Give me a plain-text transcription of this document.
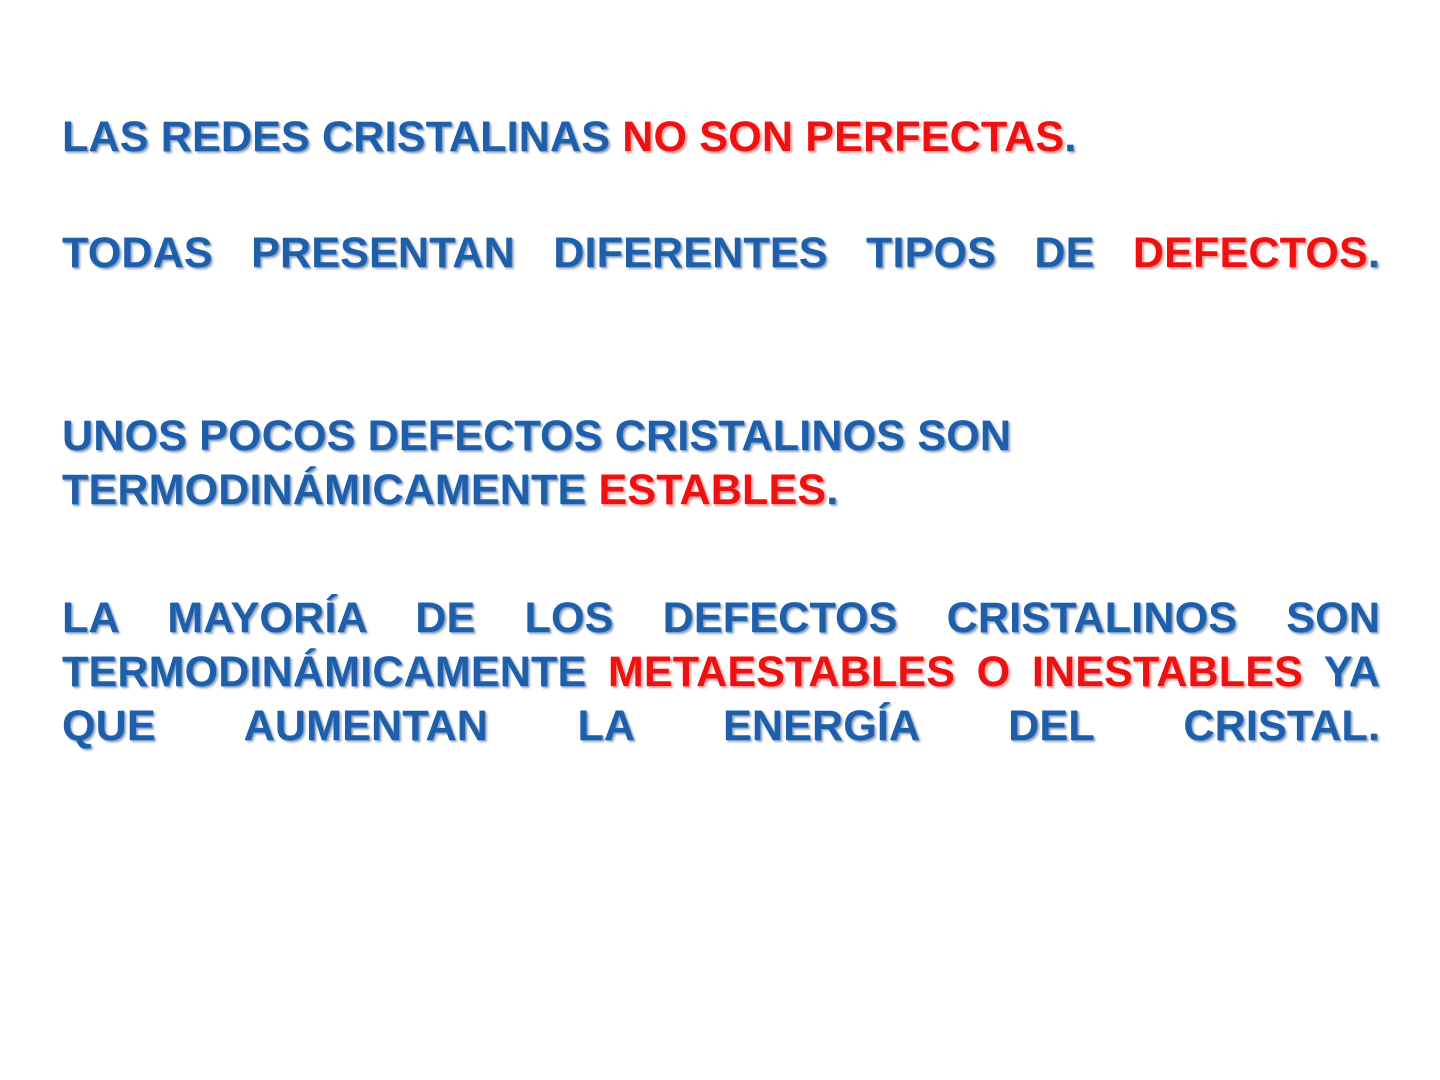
LAS REDES CRISTALINAS NO SON PERFECTAS.

TODAS PRESENTAN DIFERENTES TIPOS DE DEFECTOS.

UNOS POCOS DEFECTOS CRISTALINOS SON TERMODINÁMICAMENTE ESTABLES.

LA MAYORÍA DE LOS DEFECTOS CRISTALINOS SON TERMODINÁMICAMENTE METAESTABLES O INESTABLES YA QUE AUMENTAN LA ENERGÍA DEL CRISTAL.
